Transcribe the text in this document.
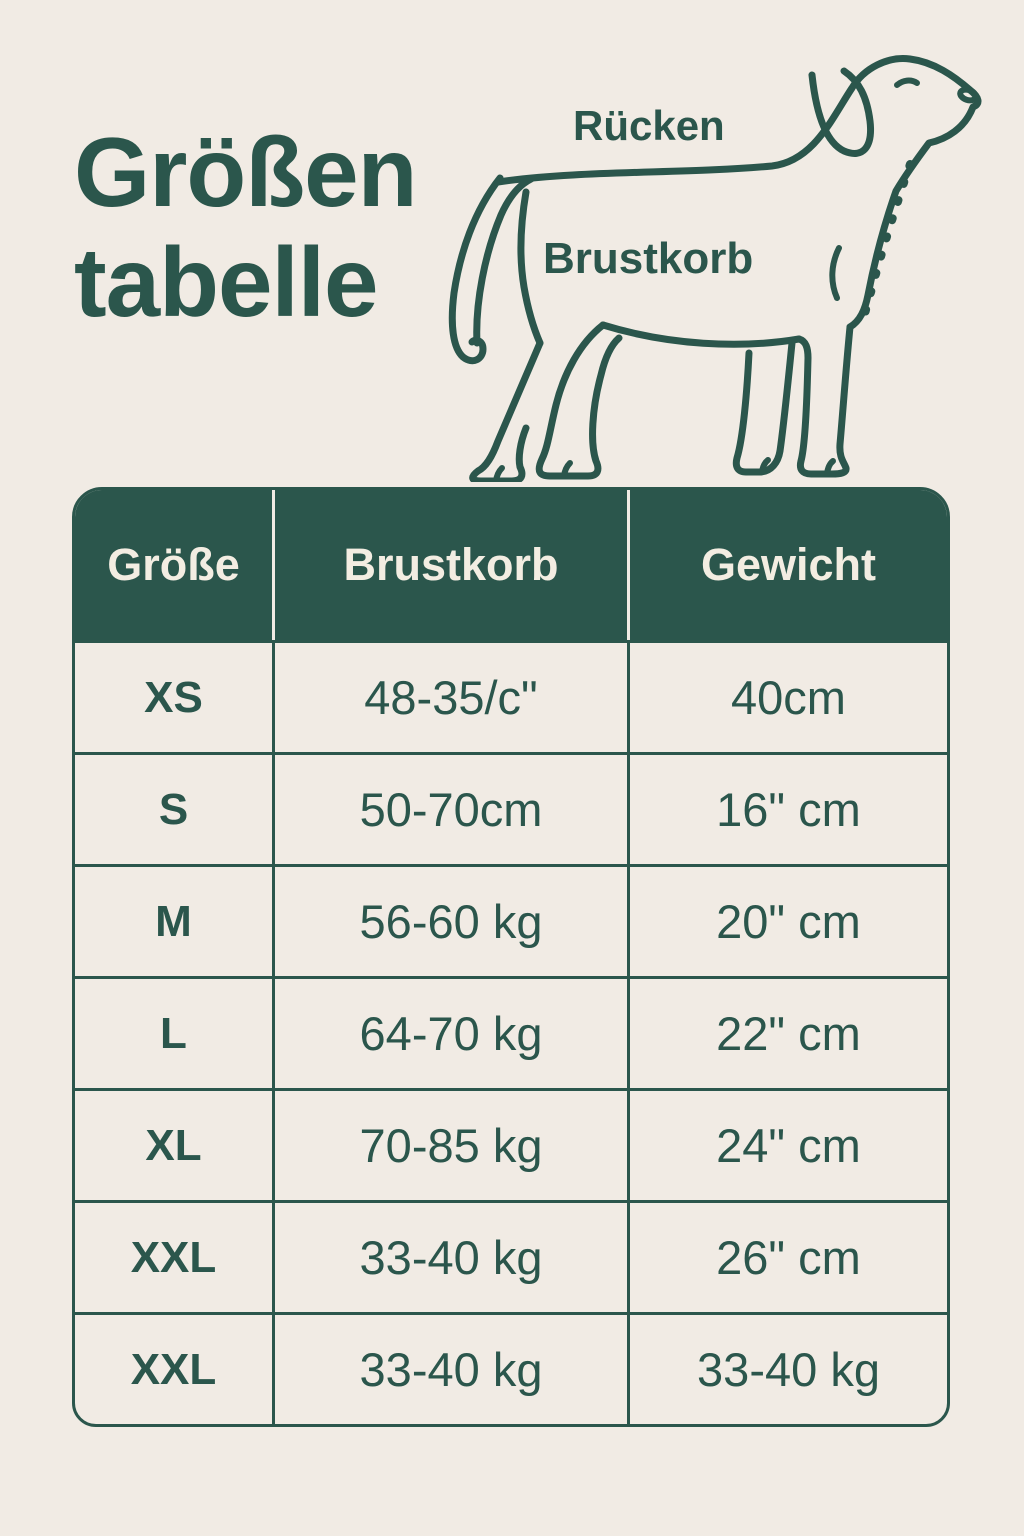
Größen
tabelle
Rücken
Brustkorb
Größe	Brustkorb	Gewicht
XS	48-35/c"	40cm
S	50-70cm	16" cm
M	56-60 kg	20" cm
L	64-70 kg	22" cm
XL	70-85 kg	24" cm
XXL	33-40 kg	26" cm
XXL	33-40 kg	33-40 kg
